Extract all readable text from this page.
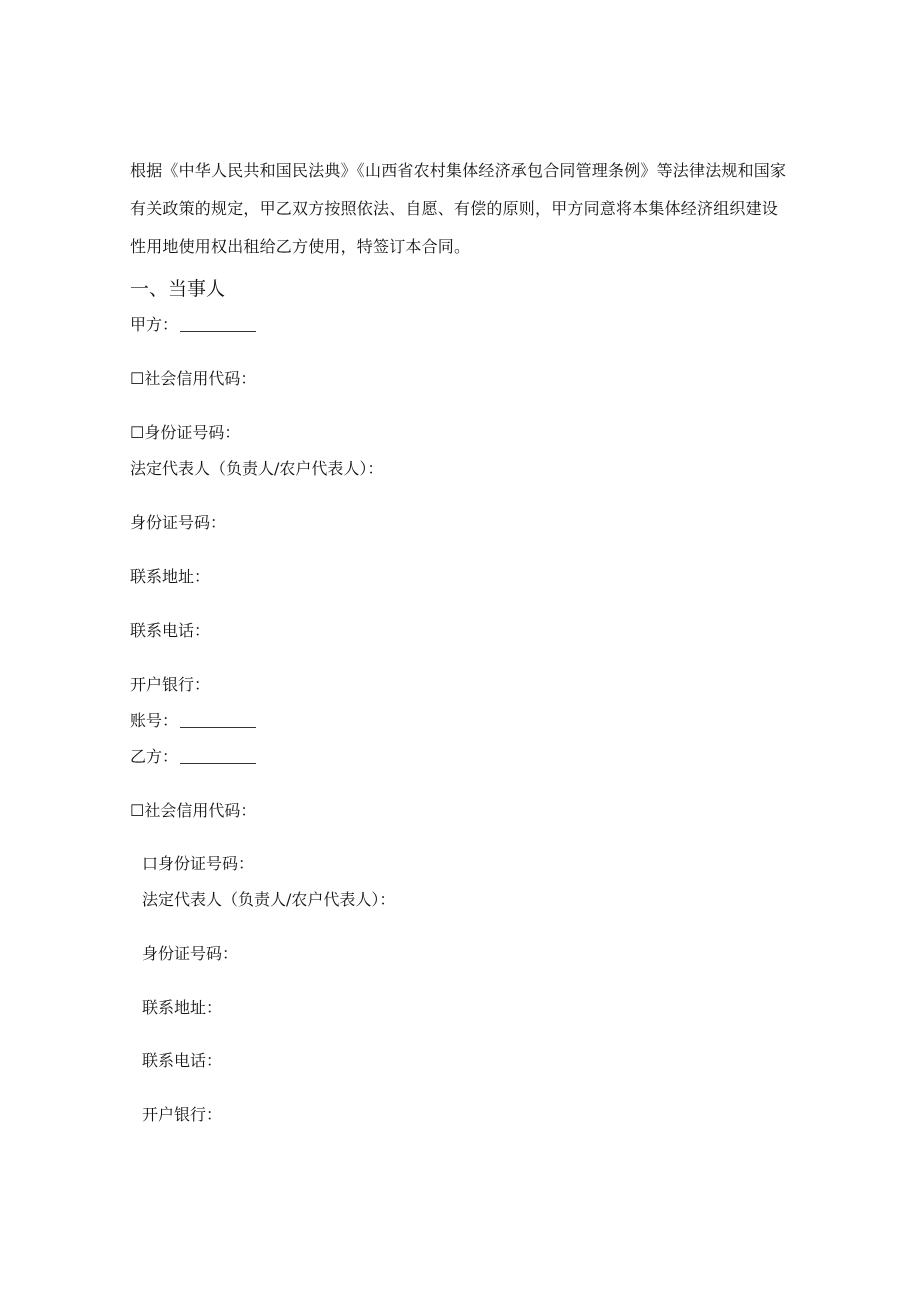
根据《中华人民共和国民法典》《山西省农村集体经济承包合同管理条例》等法律法规和国家有关政策的规定，甲乙双方按照依法、自愿、有偿的原则，甲方同意将本集体经济组织建设性用地使用权出租给乙方使用，特签订本合同。
一、当事人
甲方：
☐社会信用代码：
☐身份证号码：
法定代表人（负责人/农户代表人）：
身份证号码：
联系地址：
联系电话：
开户银行：
账号：
乙方：
☐社会信用代码：
口身份证号码：
法定代表人（负责人/农户代表人）：
身份证号码：
联系地址：
联系电话：
开户银行：
